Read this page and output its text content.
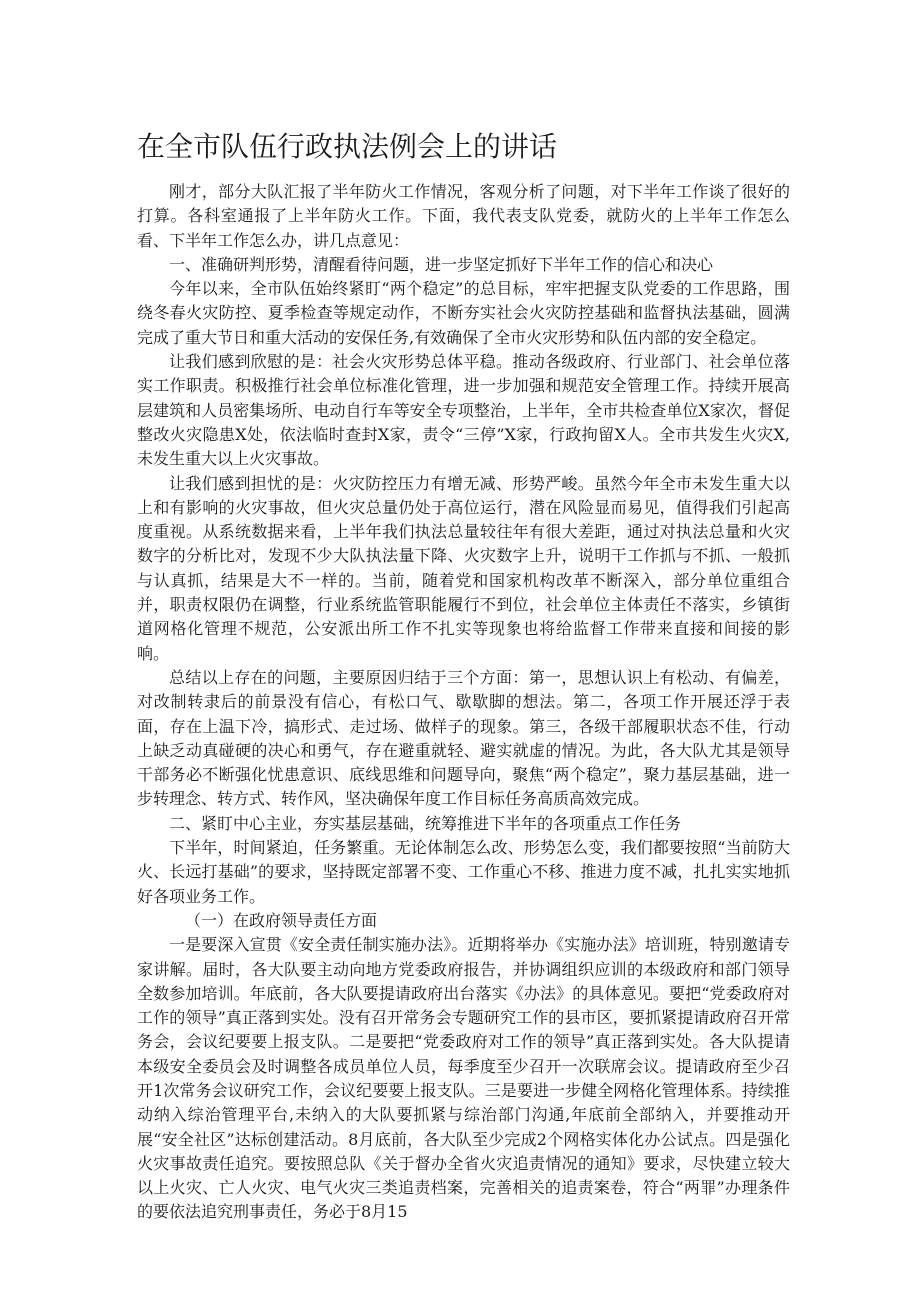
在全市队伍行政执法例会上的讲话

刚才，部分大队汇报了半年防火工作情况，客观分析了问题，对下半年工作谈了很好的打算。各科室通报了上半年防火工作。下面，我代表支队党委，就防火的上半年工作怎么看、下半年工作怎么办，讲几点意见：

一、准确研判形势，清醒看待问题，进一步坚定抓好下半年工作的信心和决心

今年以来，全市队伍始终紧盯“两个稳定”的总目标，牢牢把握支队党委的工作思路，围绕冬春火灾防控、夏季检查等规定动作，不断夯实社会火灾防控基础和监督执法基础，圆满完成了重大节日和重大活动的安保任务,有效确保了全市火灾形势和队伍内部的安全稳定。

让我们感到欣慰的是：社会火灾形势总体平稳。推动各级政府、行业部门、社会单位落实工作职责。积极推行社会单位标准化管理，进一步加强和规范安全管理工作。持续开展高层建筑和人员密集场所、电动自行车等安全专项整治，上半年，全市共检查单位X家次，督促整改火灾隐患X处，依法临时查封X家，责令“三停”X家，行政拘留X人。全市共发生火灾X,未发生重大以上火灾事故。

让我们感到担忧的是：火灾防控压力有增无减、形势严峻。虽然今年全市未发生重大以上和有影响的火灾事故，但火灾总量仍处于高位运行，潜在风险显而易见，值得我们引起高度重视。从系统数据来看，上半年我们执法总量较往年有很大差距，通过对执法总量和火灾数字的分析比对，发现不少大队执法量下降、火灾数字上升，说明干工作抓与不抓、一般抓与认真抓，结果是大不一样的。当前，随着党和国家机构改革不断深入，部分单位重组合并，职责权限仍在调整，行业系统监管职能履行不到位，社会单位主体责任不落实，乡镇街道网格化管理不规范，公安派出所工作不扎实等现象也将给监督工作带来直接和间接的影响。

总结以上存在的问题，主要原因归结于三个方面：第一，思想认识上有松动、有偏差，对改制转隶后的前景没有信心，有松口气、歇歇脚的想法。第二，各项工作开展还浮于表面，存在上温下冷，搞形式、走过场、做样子的现象。第三，各级干部履职状态不佳，行动上缺乏动真碰硬的决心和勇气，存在避重就轻、避实就虚的情况。为此，各大队尤其是领导干部务必不断强化忧患意识、底线思维和问题导向，聚焦“两个稳定”，聚力基层基础，进一步转理念、转方式、转作风，坚决确保年度工作目标任务高质高效完成。

二、紧盯中心主业，夯实基层基础，统筹推进下半年的各项重点工作任务

下半年，时间紧迫，任务繁重。无论体制怎么改、形势怎么变，我们都要按照“当前防大火、长远打基础”的要求，坚持既定部署不变、工作重心不移、推进力度不减，扎扎实实地抓好各项业务工作。

（一）在政府领导责任方面

一是要深入宣贯《安全责任制实施办法》。近期将举办《实施办法》培训班，特别邀请专家讲解。届时，各大队要主动向地方党委政府报告，并协调组织应训的本级政府和部门领导全数参加培训。年底前，各大队要提请政府出台落实《办法》的具体意见。要把“党委政府对工作的领导”真正落到实处。没有召开常务会专题研究工作的县市区，要抓紧提请政府召开常务会，会议纪要要上报支队。二是要把“党委政府对工作的领导”真正落到实处。各大队提请本级安全委员会及时调整各成员单位人员，每季度至少召开一次联席会议。提请政府至少召开1次常务会议研究工作，会议纪要要上报支队。三是要进一步健全网格化管理体系。持续推动纳入综治管理平台,未纳入的大队要抓紧与综治部门沟通,年底前全部纳入，并要推动开展“安全社区”达标创建活动。8月底前，各大队至少完成2个网格实体化办公试点。四是强化火灾事故责任追究。要按照总队《关于督办全省火灾追责情况的通知》要求，尽快建立较大以上火灾、亡人火灾、电气火灾三类追责档案，完善相关的追责案卷，符合“两罪”办理条件的要依法追究刑事责任，务必于8月15
